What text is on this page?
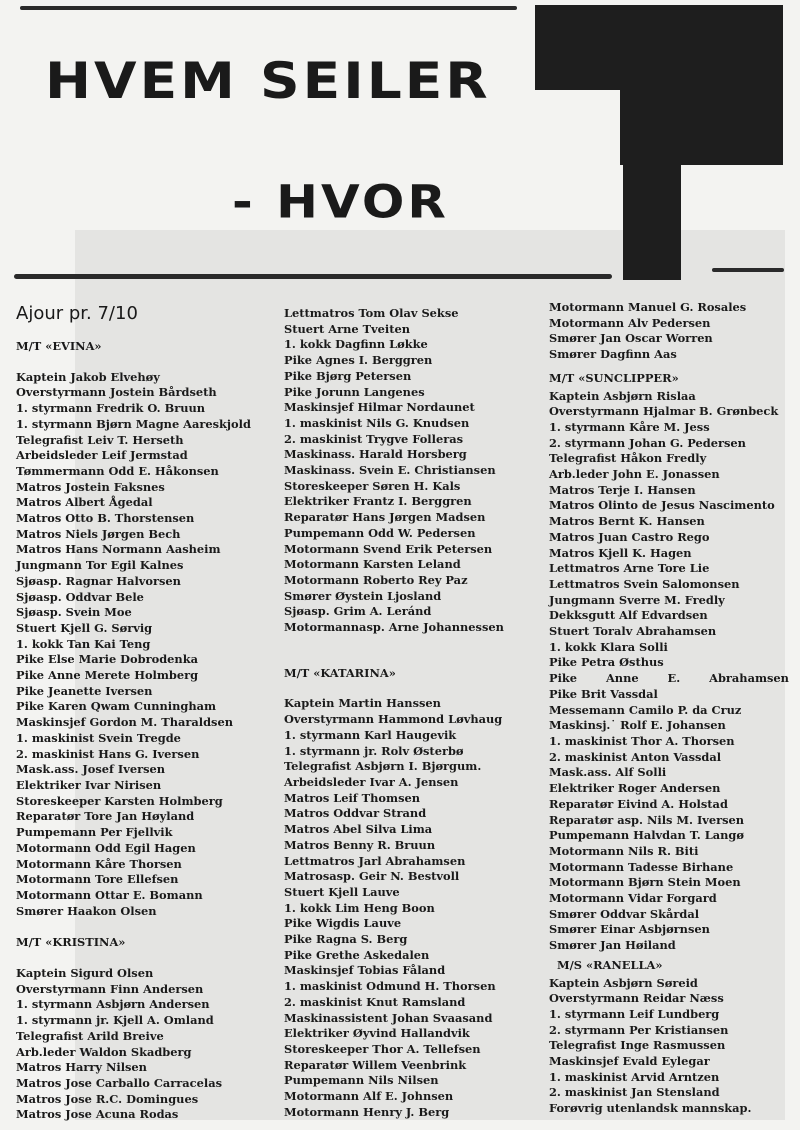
HVEM SEILER
- HVOR
Ajour pr. 7/10
M/T «EVINA»
Kaptein Jakob Elvehøy
Overstyrmann Jostein Bårdseth
1. styrmann Fredrik O. Bruun
1. styrmann Bjørn Magne Aareskjold
Telegrafist Leiv T. Herseth
Arbeidsleder Leif Jermstad
Tømmermann Odd E. Håkonsen
Matros Jostein Faksnes
Matros Albert Ågedal
Matros Otto B. Thorstensen
Matros Niels Jørgen Bech
Matros Hans Normann Aasheim
Jungmann Tor Egil Kalnes
Sjøasp. Ragnar Halvorsen
Sjøasp. Oddvar Bele
Sjøasp. Svein Moe
Stuert Kjell G. Sørvig
1. kokk Tan Kai Teng
Pike Else Marie Dobrodenka
Pike Anne Merete Holmberg
Pike Jeanette Iversen
Pike Karen Qwam Cunningham
Maskinsjef Gordon M. Tharaldsen
1. maskinist Svein Tregde
2. maskinist Hans G. Iversen
Mask.ass. Josef Iversen
Elektriker Ivar Nirisen
Storeskeeper Karsten Holmberg
Reparatør Tore Jan Høyland
Pumpemann Per Fjellvik
Motormann Odd Egil Hagen
Motormann Kåre Thorsen
Motormann Tore Ellefsen
Motormann Ottar E. Bomann
Smører Haakon Olsen
M/T «KRISTINA»
Kaptein Sigurd Olsen
Overstyrmann Finn Andersen
1. styrmann Asbjørn Andersen
1. styrmann jr. Kjell A. Omland
Telegrafist Arild Breive
Arb.leder Waldon Skadberg
Matros Harry Nilsen
Matros Jose Carballo Carracelas
Matros Jose R.C. Domingues
Matros Jose Acuna Rodas
Lettmatros Tom Olav Sekse
Stuert Arne Tveiten
1. kokk Dagfinn Løkke
Pike Agnes I. Berggren
Pike Bjørg Petersen
Pike Jorunn Langenes
Maskinsjef Hilmar Nordaunet
1. maskinist Nils G. Knudsen
2. maskinist Trygve Folleras
Maskinass. Harald Horsberg
Maskinass. Svein E. Christiansen
Storeskeeper Søren H. Kals
Elektriker Frantz I. Berggren
Reparatør Hans Jørgen Madsen
Pumpemann Odd W. Pedersen
Motormann Svend Erik Petersen
Motormann Karsten Leland
Motormann Roberto Rey Paz
Smører Øystein Ljosland
Sjøasp. Grim A. Leránd
Motormannasp. Arne Johannessen
M/T «KATARINA»
Kaptein Martin Hanssen
Overstyrmann Hammond Løvhaug
1. styrmann Karl Haugevik
1. styrmann jr. Rolv Østerbø
Telegrafist Asbjørn I. Bjørgum.
Arbeidsleder Ivar A. Jensen
Matros Leif Thomsen
Matros Oddvar Strand
Matros Abel Silva Lima
Matros Benny R. Bruun
Lettmatros Jarl Abrahamsen
Matrosasp. Geir N. Bestvoll
Stuert Kjell Lauve
1. kokk Lim Heng Boon
Pike Wigdis Lauve
Pike Ragna S. Berg
Pike Grethe Askedalen
Maskinsjef Tobias Fåland
1. maskinist Odmund H. Thorsen
2. maskinist Knut Ramsland
Maskinassistent Johan Svaasand
Elektriker Øyvind Hallandvik
Storeskeeper Thor A. Tellefsen
Reparatør Willem Veenbrink
Pumpemann Nils Nilsen
Motormann Alf E. Johnsen
Motormann Henry J. Berg
Motormann Manuel G. Rosales
Motormann Alv Pedersen
Smører Jan Oscar Worren
Smører Dagfinn Aas
M/T «SUNCLIPPER»
Kaptein Asbjørn Rislaa
Overstyrmann Hjalmar B. Grønbeck
1. styrmann Kåre M. Jess
2. styrmann Johan G. Pedersen
Telegrafist Håkon Fredly
Arb.leder John E. Jonassen
Matros Terje I. Hansen
Matros Olinto de Jesus Nascimento
Matros Bernt K. Hansen
Matros Juan Castro Rego
Matros Kjell K. Hagen
Lettmatros Arne Tore Lie
Lettmatros Svein Salomonsen
Jungmann Sverre M. Fredly
Dekksgutt Alf Edvardsen
Stuert Toralv Abrahamsen
1. kokk Klara Solli
Pike Petra Østhus
Pike	Anne	E.	Abrahamsen
Pike Brit Vassdal
Messemann Camilo P. da Cruz
Maskinsj.˙ Rolf E. Johansen
1. maskinist Thor A. Thorsen
2. maskinist Anton Vassdal
Mask.ass. Alf Solli
Elektriker Roger Andersen
Reparatør Eivind A. Holstad
Reparatør asp. Nils M. Iversen
Pumpemann Halvdan T. Langø
Motormann Nils R. Biti
Motormann Tadesse Birhane
Motormann Bjørn Stein Moen
Motormann Vidar Forgard
Smører Oddvar Skårdal
Smører Einar Asbjørnsen
Smører Jan Høiland
M/S «RANELLA»
Kaptein Asbjørn Søreid
Overstyrmann Reidar Næss
1. styrmann Leif Lundberg
2. styrmann Per Kristiansen
Telegrafist Inge Rasmussen
Maskinsjef Evald Eylegar
1. maskinist Arvid Arntzen
2. maskinist Jan Stensland
Forøvrig utenlandsk mannskap.
